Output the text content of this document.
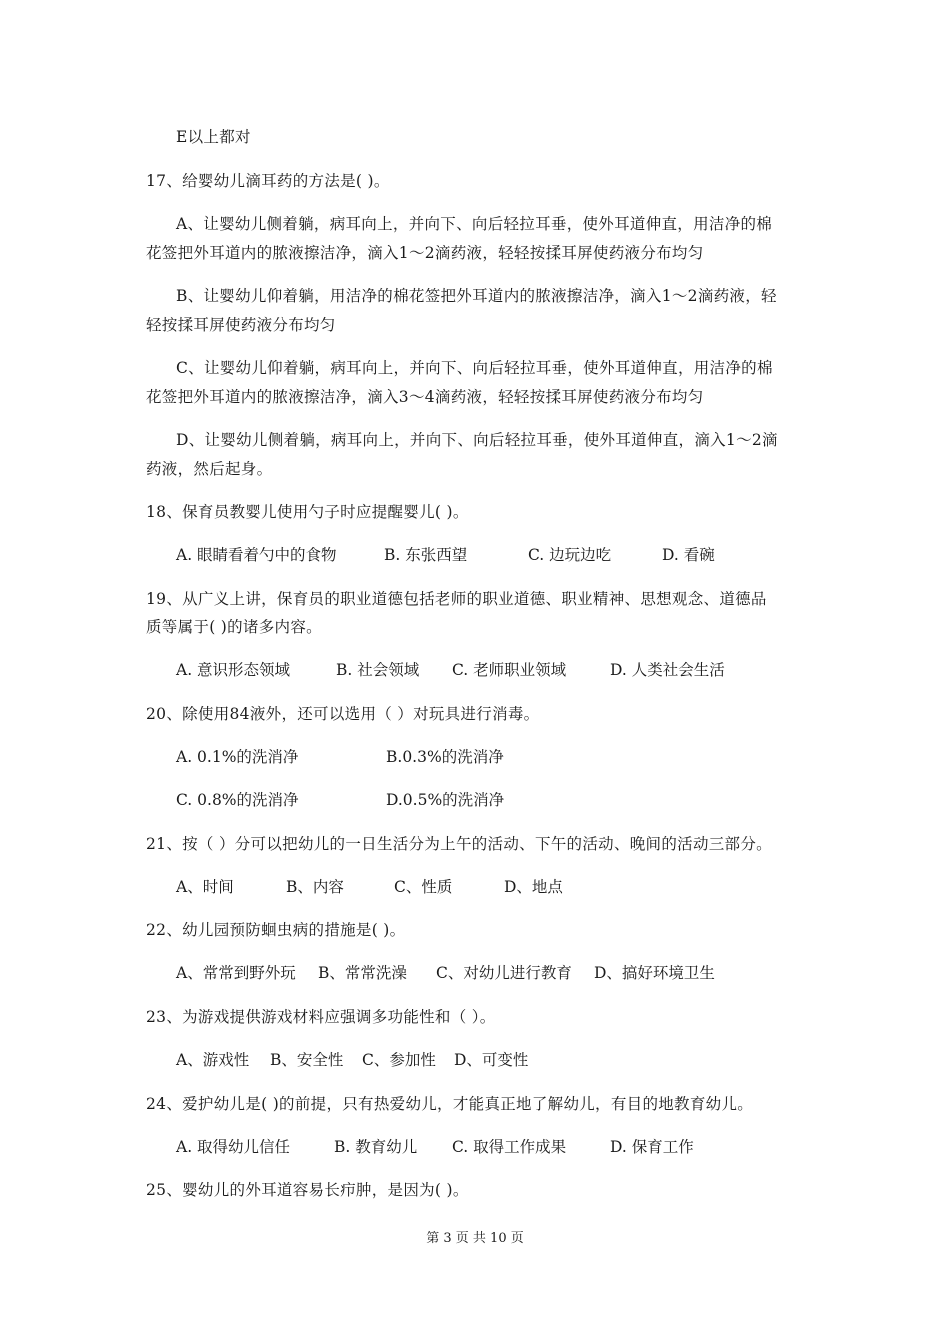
E以上都对
17、给婴幼儿滴耳药的方法是( )。
A、让婴幼儿侧着躺，病耳向上，并向下、向后轻拉耳垂，使外耳道伸直，用洁净的棉
花签把外耳道内的脓液擦洁净，滴入1～2滴药液，轻轻按揉耳屏使药液分布均匀
B、让婴幼儿仰着躺，用洁净的棉花签把外耳道内的脓液擦洁净，滴入1～2滴药液，轻
轻按揉耳屏使药液分布均匀
C、让婴幼儿仰着躺，病耳向上，并向下、向后轻拉耳垂，使外耳道伸直，用洁净的棉
花签把外耳道内的脓液擦洁净，滴入3～4滴药液，轻轻按揉耳屏使药液分布均匀
D、让婴幼儿侧着躺，病耳向上，并向下、向后轻拉耳垂，使外耳道伸直，滴入1～2滴
药液，然后起身。
18、保育员教婴儿使用勺子时应提醒婴儿( )。
A. 眼睛看着勺中的食物	B. 东张西望	C. 边玩边吃	D. 看碗
19、从广义上讲，保育员的职业道德包括老师的职业道德、职业精神、思想观念、道德品
质等属于( )的诸多内容。
A. 意识形态领域	B. 社会领域 C. 老师职业领域	D. 人类社会生活
20、除使用84液外，还可以选用（ ）对玩具进行消毒。
A. 0.1%的洗消净	B.0.3%的洗消净
C. 0.8%的洗消净	D.0.5%的洗消净
21、按（ ）分可以把幼儿的一日生活分为上午的活动、下午的活动、晚间的活动三部分。
A、时间	B、内容	C、性质	D、地点
22、幼儿园预防蛔虫病的措施是( )。
A、常常到野外玩 B、常常洗澡 C、对幼儿进行教育 D、搞好环境卫生
23、为游戏提供游戏材料应强调多功能性和（ ）。
A、游戏性 B、安全性 C、参加性 D、可变性
24、爱护幼儿是( )的前提，只有热爱幼儿，才能真正地了解幼儿，有目的地教育幼儿。
A. 取得幼儿信任	B. 教育幼儿 C. 取得工作成果	D. 保育工作
25、婴幼儿的外耳道容易长疖肿，是因为( )。
第 3 页 共 10 页
